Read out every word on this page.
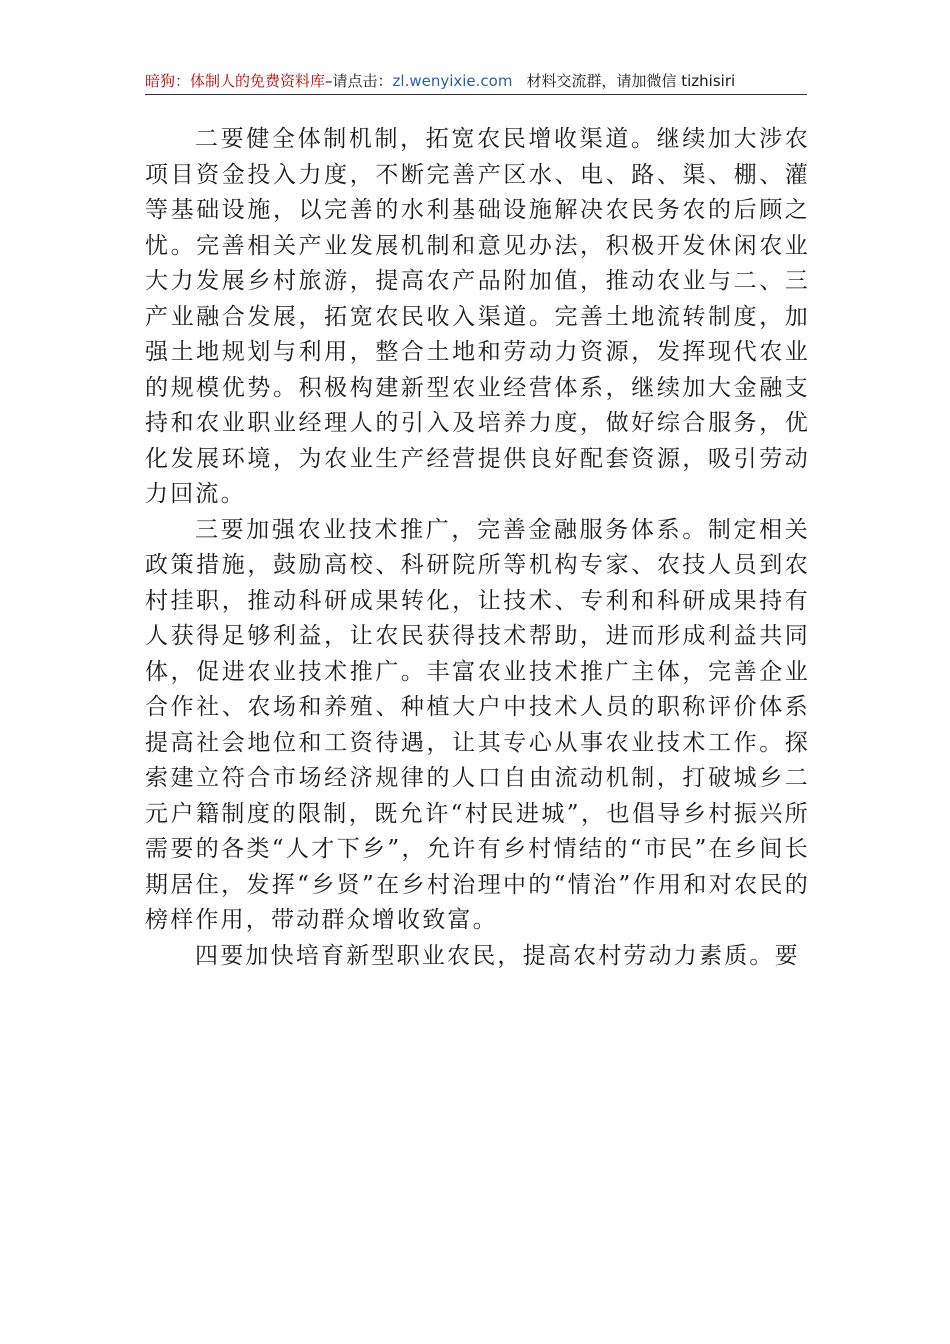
暗狗：体制人的免费资料库–请点击：zl.wenyixie.com 材料交流群，请加微信 tizhisiri

二要健全体制机制，拓宽农民增收渠道。继续加大涉农项目资金投入力度，不断完善产区水、电、路、渠、棚、灌等基础设施，以完善的水利基础设施解决农民务农的后顾之忧。完善相关产业发展机制和意见办法，积极开发休闲农业大力发展乡村旅游，提高农产品附加值，推动农业与二、三产业融合发展，拓宽农民收入渠道。完善土地流转制度，加强土地规划与利用，整合土地和劳动力资源，发挥现代农业的规模优势。积极构建新型农业经营体系，继续加大金融支持和农业职业经理人的引入及培养力度，做好综合服务，优化发展环境，为农业生产经营提供良好配套资源，吸引劳动力回流。

三要加强农业技术推广，完善金融服务体系。制定相关政策措施，鼓励高校、科研院所等机构专家、农技人员到农村挂职，推动科研成果转化，让技术、专利和科研成果持有人获得足够利益，让农民获得技术帮助，进而形成利益共同体，促进农业技术推广。丰富农业技术推广主体，完善企业合作社、农场和养殖、种植大户中技术人员的职称评价体系提高社会地位和工资待遇，让其专心从事农业技术工作。探索建立符合市场经济规律的人口自由流动机制，打破城乡二元户籍制度的限制，既允许“村民进城”，也倡导乡村振兴所需要的各类“人才下乡”，允许有乡村情结的“市民”在乡间长期居住，发挥“乡贤”在乡村治理中的“情治”作用和对农民的榜样作用，带动群众增收致富。

四要加快培育新型职业农民，提高农村劳动力素质。要
